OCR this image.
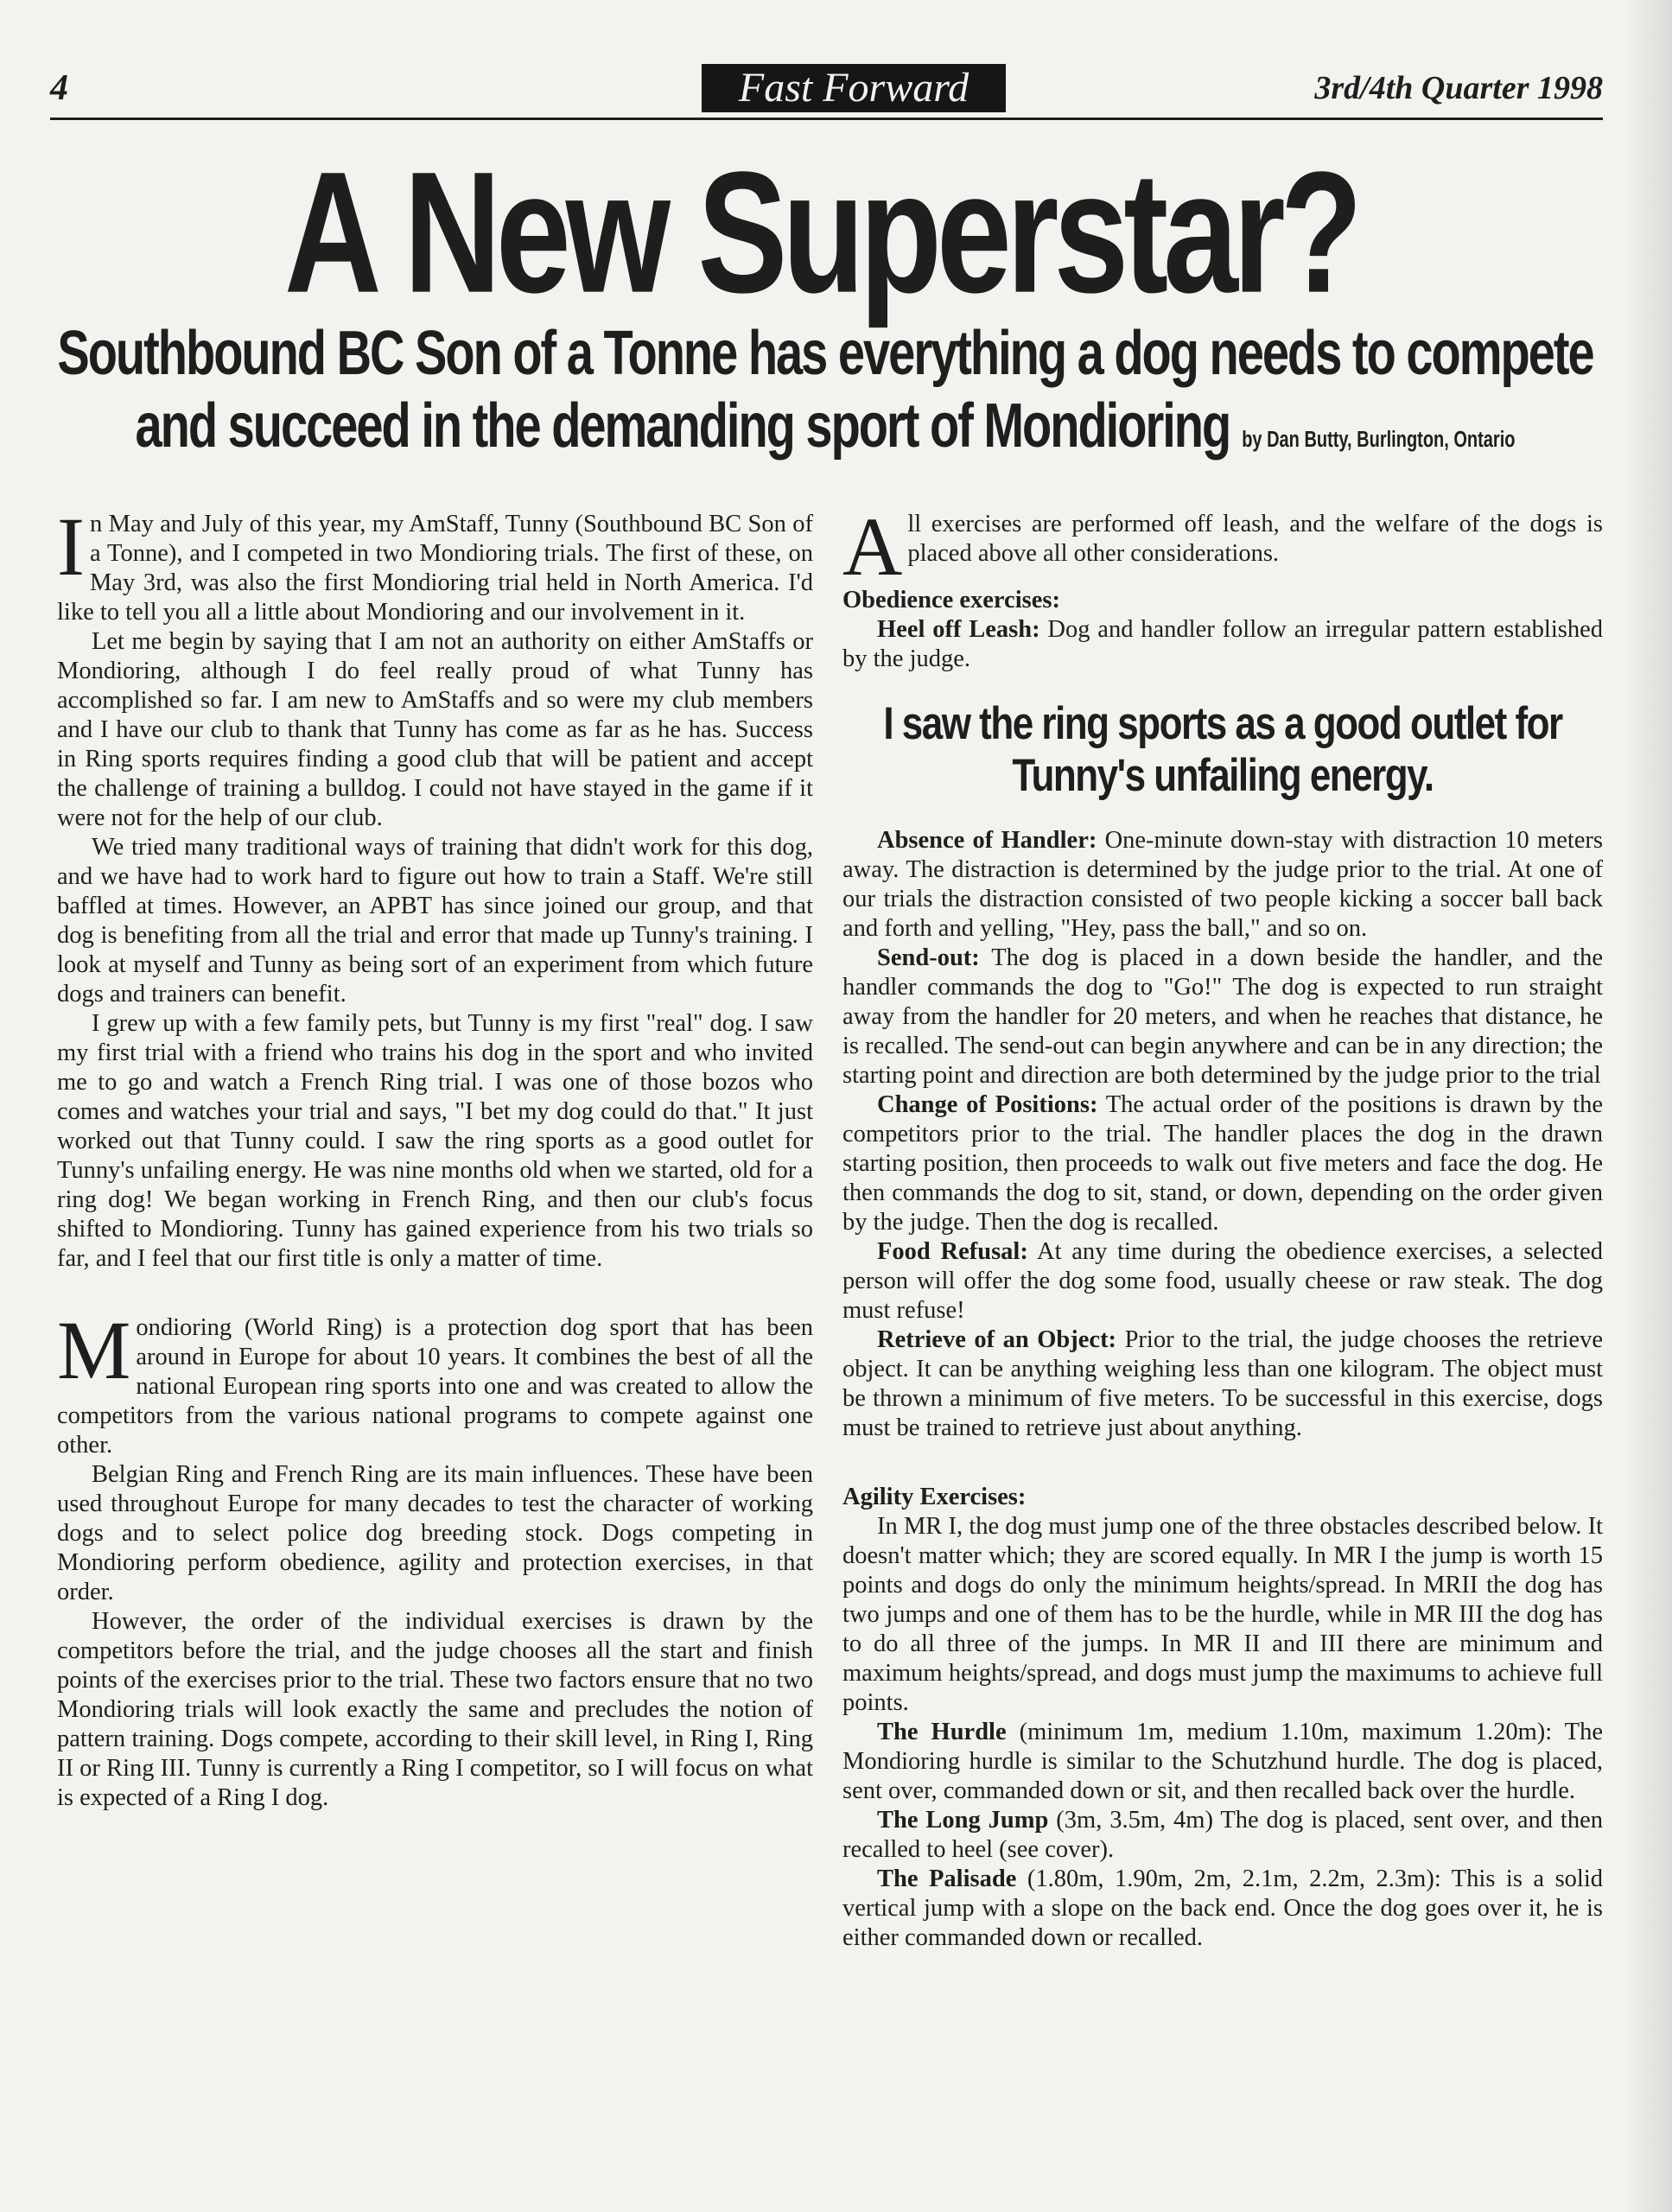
4	Fast Forward	3rd/4th Quarter 1998
A New Superstar?
Southbound BC Son of a Tonne has everything a dog needs to compete
and succeed in the demanding sport of Mondioring by Dan Butty, Burlington, Ontario

In May and July of this year, my AmStaff, Tunny (Southbound BC Son of a Tonne), and I competed in two Mondioring trials. The first of these, on May 3rd, was also the first Mondioring trial held in North America. I'd like to tell you all a little about Mondioring and our involvement in it.

Let me begin by saying that I am not an authority on either AmStaffs or Mondioring, although I do feel really proud of what Tunny has accomplished so far. I am new to AmStaffs and so were my club members and I have our club to thank that Tunny has come as far as he has. Success in Ring sports requires finding a good club that will be patient and accept the challenge of training a bulldog. I could not have stayed in the game if it were not for the help of our club.

We tried many traditional ways of training that didn't work for this dog, and we have had to work hard to figure out how to train a Staff. We're still baffled at times. However, an APBT has since joined our group, and that dog is benefiting from all the trial and error that made up Tunny's training. I look at myself and Tunny as being sort of an experiment from which future dogs and trainers can benefit.

I grew up with a few family pets, but Tunny is my first "real" dog. I saw my first trial with a friend who trains his dog in the sport and who invited me to go and watch a French Ring trial. I was one of those bozos who comes and watches your trial and says, "I bet my dog could do that." It just worked out that Tunny could. I saw the ring sports as a good outlet for Tunny's unfailing energy. He was nine months old when we started, old for a ring dog! We began working in French Ring, and then our club's focus shifted to Mondioring. Tunny has gained experience from his two trials so far, and I feel that our first title is only a matter of time.

Mondioring (World Ring) is a protection dog sport that has been around in Europe for about 10 years. It combines the best of all the national European ring sports into one and was created to allow the competitors from the various national programs to compete against one other.

Belgian Ring and French Ring are its main influences. These have been used throughout Europe for many decades to test the character of working dogs and to select police dog breeding stock. Dogs competing in Mondioring perform obedience, agility and protection exercises, in that order.

However, the order of the individual exercises is drawn by the competitors before the trial, and the judge chooses all the start and finish points of the exercises prior to the trial. These two factors ensure that no two Mondioring trials will look exactly the same and precludes the notion of pattern training. Dogs compete, according to their skill level, in Ring I, Ring II or Ring III. Tunny is currently a Ring I competitor, so I will focus on what is expected of a Ring I dog.

All exercises are performed off leash, and the welfare of the dogs is placed above all other considerations.

Obedience exercises:

Heel off Leash: Dog and handler follow an irregular pattern established by the judge.

I saw the ring sports as a good outlet for Tunny's unfailing energy.

Absence of Handler: One-minute down-stay with distraction 10 meters away. The distraction is determined by the judge prior to the trial. At one of our trials the distraction consisted of two people kicking a soccer ball back and forth and yelling, "Hey, pass the ball," and so on.

Send-out: The dog is placed in a down beside the handler, and the handler commands the dog to "Go!" The dog is expected to run straight away from the handler for 20 meters, and when he reaches that distance, he is recalled. The send-out can begin anywhere and can be in any direction; the starting point and direction are both determined by the judge prior to the trial

Change of Positions: The actual order of the positions is drawn by the competitors prior to the trial. The handler places the dog in the drawn starting position, then proceeds to walk out five meters and face the dog. He then commands the dog to sit, stand, or down, depending on the order given by the judge. Then the dog is recalled.

Food Refusal: At any time during the obedience exercises, a selected person will offer the dog some food, usually cheese or raw steak. The dog must refuse!

Retrieve of an Object: Prior to the trial, the judge chooses the retrieve object. It can be anything weighing less than one kilogram. The object must be thrown a minimum of five meters. To be successful in this exercise, dogs must be trained to retrieve just about anything.

Agility Exercises:

In MR I, the dog must jump one of the three obstacles described below. It doesn't matter which; they are scored equally. In MR I the jump is worth 15 points and dogs do only the minimum heights/spread. In MRII the dog has two jumps and one of them has to be the hurdle, while in MR III the dog has to do all three of the jumps. In MR II and III there are minimum and maximum heights/spread, and dogs must jump the maximums to achieve full points.

The Hurdle (minimum 1m, medium 1.10m, maximum 1.20m): The Mondioring hurdle is similar to the Schutzhund hurdle. The dog is placed, sent over, commanded down or sit, and then recalled back over the hurdle.

The Long Jump (3m, 3.5m, 4m) The dog is placed, sent over, and then recalled to heel (see cover).

The Palisade (1.80m, 1.90m, 2m, 2.1m, 2.2m, 2.3m): This is a solid vertical jump with a slope on the back end. Once the dog goes over it, he is either commanded down or recalled.
